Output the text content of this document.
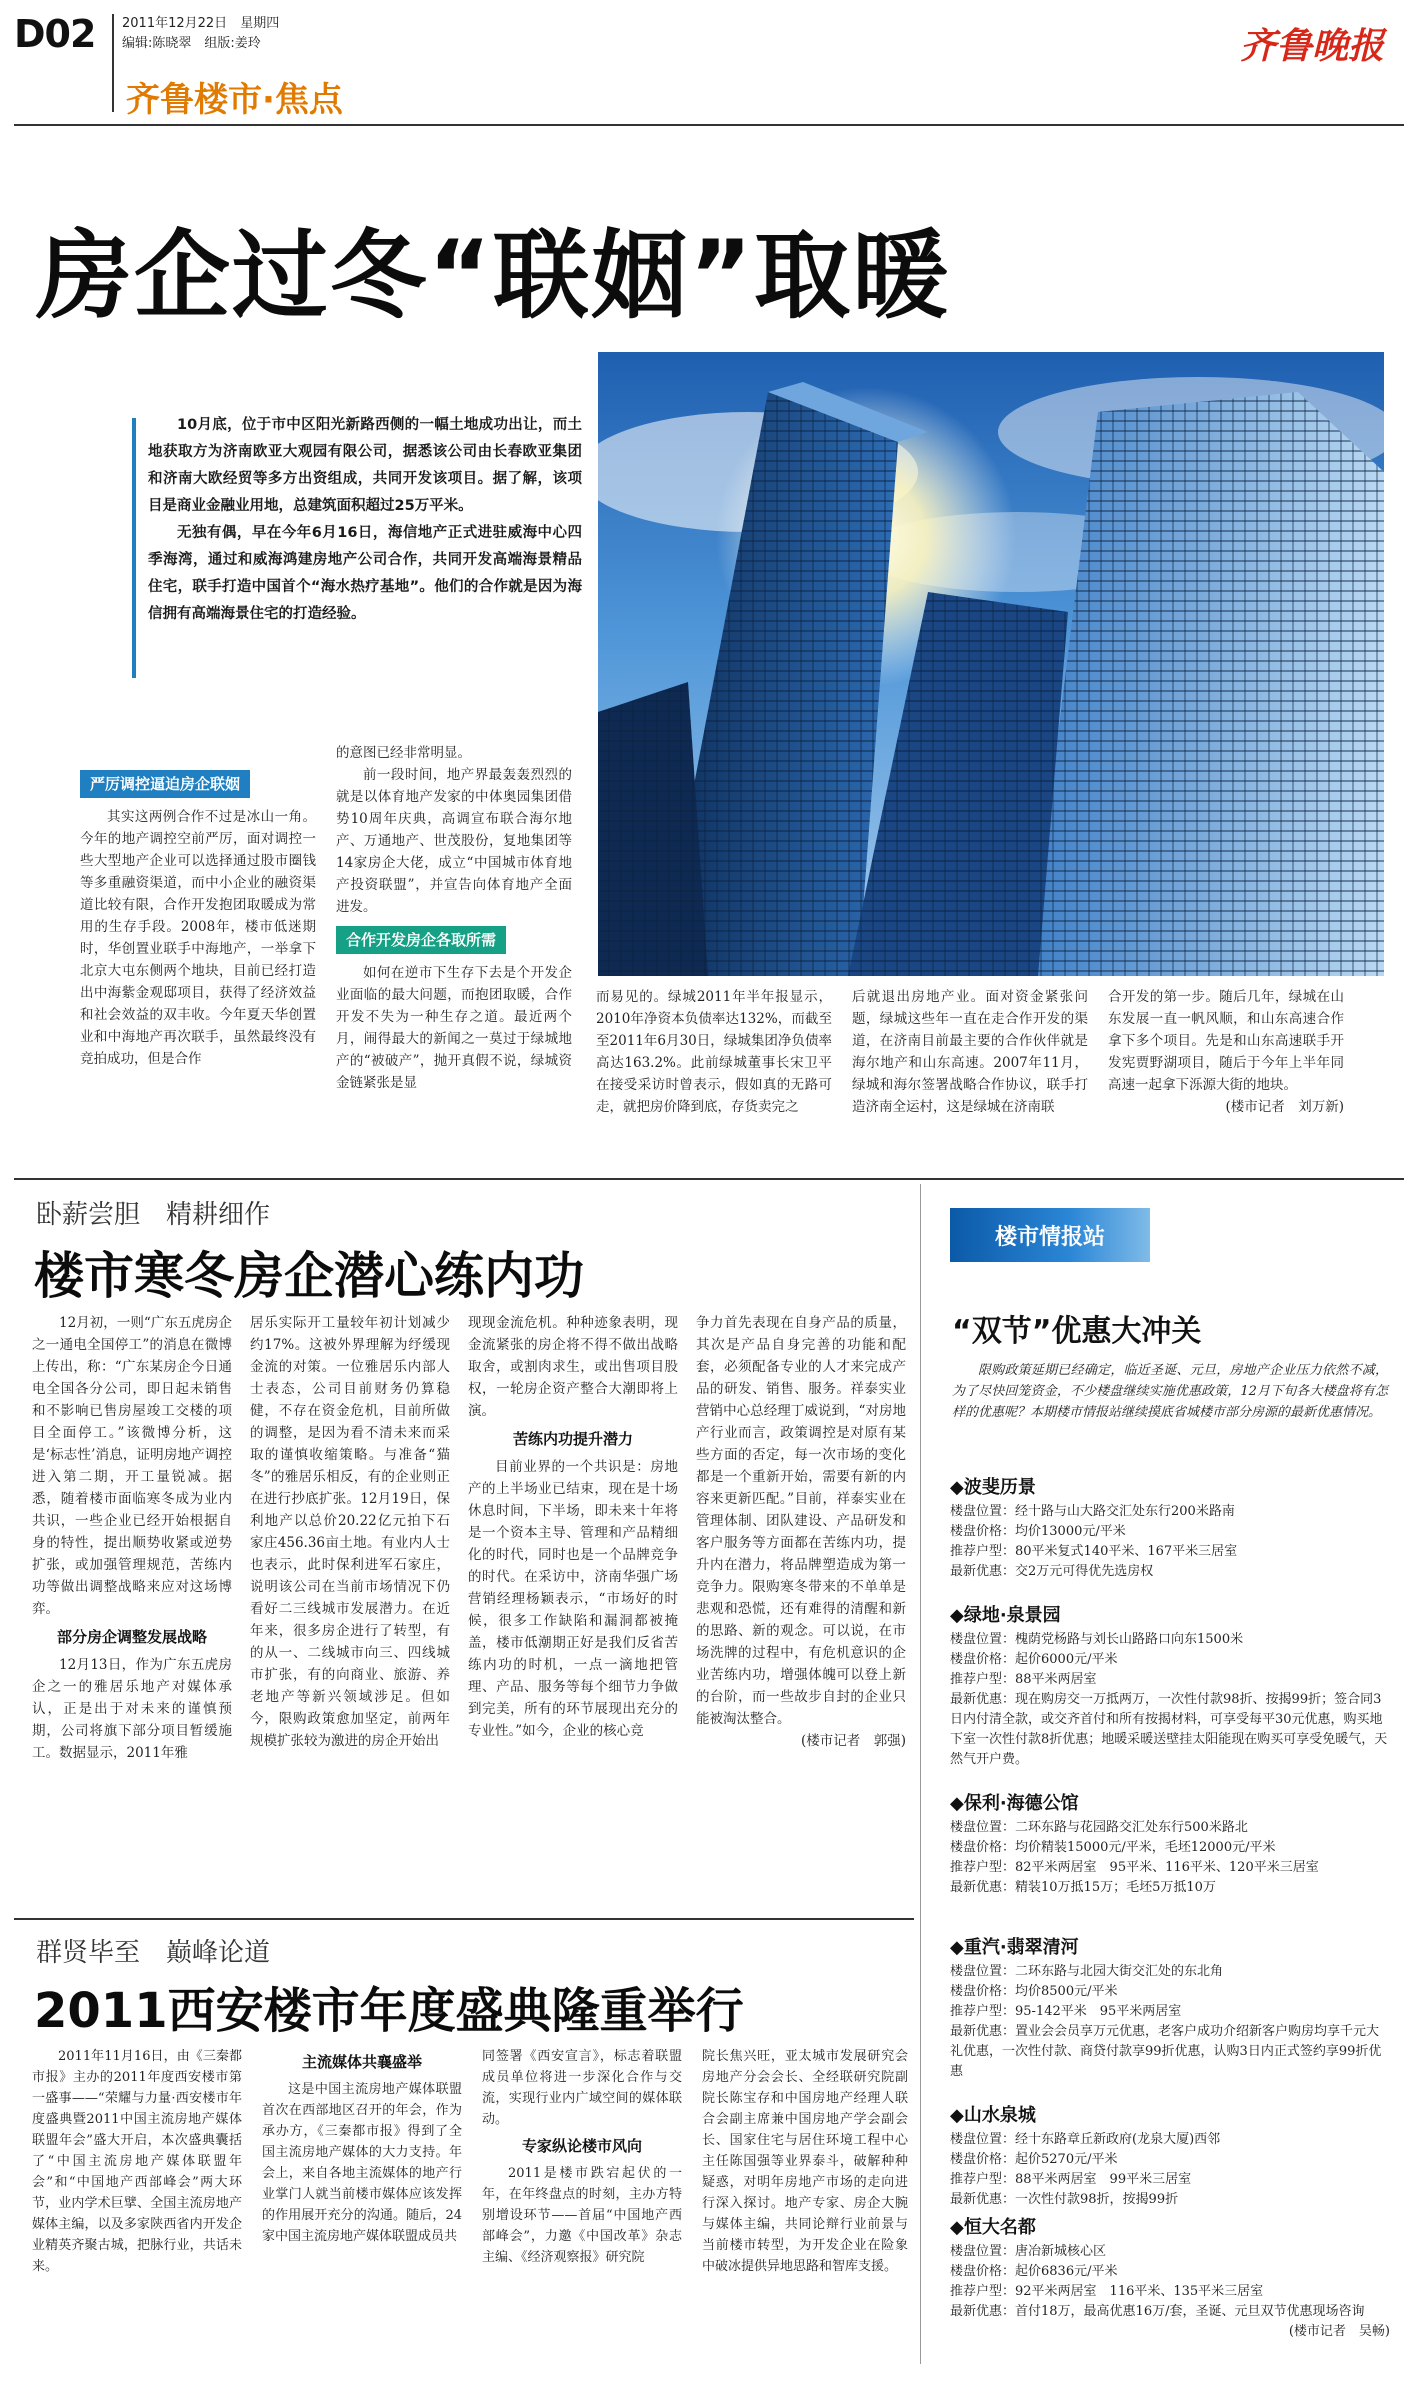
D02 2011年12月22日　 星期四
编辑:陈晓翠　 组版:姜玲
齐鲁楼市·焦点
齐鲁晚报
房企过冬“联姻”取暖

10月底，位于市中区阳光新路西侧的一幅土地成功出让，而土地获取方为济南欧亚大观园有限公司，据悉该公司由长春欧亚集团和济南大欧经贸等多方出资组成，共同开发该项目。据了解，该项目是商业金融业用地，总建筑面积超过25万平米。

无独有偶，早在今年6月16日，海信地产正式进驻威海中心四季海湾，通过和威海鸿建房地产公司合作，共同开发高端海景精品住宅，联手打造中国首个“海水热疗基地”。他们的合作就是因为海信拥有高端海景住宅的打造经验。

严厉调控逼迫房企联姻

其实这两例合作不过是冰山一角。今年的地产调控空前严厉，面对调控一些大型地产企业可以选择通过股市圈钱等多重融资渠道，而中小企业的融资渠道比较有限，合作开发抱团取暖成为常用的生存手段。2008年，楼市低迷期时，华创置业联手中海地产，一举拿下北京大屯东侧两个地块，目前已经打造出中海紫金观邸项目，获得了经济效益和社会效益的双丰收。今年夏天华创置业和中海地产再次联手，虽然最终没有竞拍成功，但是合作

的意图已经非常明显。

前一段时间，地产界最轰轰烈烈的就是以体育地产发家的中体奥园集团借势10周年庆典，高调宣布联合海尔地产、万通地产、世茂股份，复地集团等14家房企大佬，成立“中国城市体育地产投资联盟”，并宣告向体育地产全面进发。

合作开发房企各取所需

如何在逆市下生存下去是个开发企业面临的最大问题，而抱团取暖，合作开发不失为一种生存之道。最近两个月，闹得最大的新闻之一莫过于绿城地产的“被破产”，抛开真假不说，绿城资金链紧张是显

而易见的。绿城2011年半年报显示，2010年净资本负债率达132%，而截至至2011年6月30日，绿城集团净负债率高达163.2%。此前绿城董事长宋卫平在接受采访时曾表示，假如真的无路可走，就把房价降到底，存货卖完之

后就退出房地产业。面对资金紧张问题，绿城这些年一直在走合作开发的渠道，在济南目前最主要的合作伙伴就是海尔地产和山东高速。2007年11月，绿城和海尔签署战略合作协议，联手打造济南全运村，这是绿城在济南联

合开发的第一步。随后几年，绿城在山东发展一直一帆风顺，和山东高速合作拿下多个项目。先是和山东高速联手开发宪贾野湖项目，随后于今年上半年同高速一起拿下泺源大街的地块。

(楼市记者　刘万新)

卧薪尝胆　精耕细作
楼市寒冬房企潜心练内功

12月初，一则“广东五虎房企之一通电全国停工”的消息在微博上传出，称：“广东某房企今日通电全国各分公司，即日起未销售和不影响已售房屋竣工交楼的项目全面停工。”该微博分析，这是‘标志性’消息，证明房地产调控进入第二期，开工量锐减。据悉，随着楼市面临寒冬成为业内共识，一些企业已经开始根据自身的特性，提出顺势收紧或逆势扩张，或加强管理规范，苦练内功等做出调整战略来应对这场博弈。

部分房企调整发展战略

12月13日，作为广东五虎房企之一的雅居乐地产对媒体承认，正是出于对未来的谨慎预期，公司将旗下部分项目暂缓施工。数据显示，2011年雅

居乐实际开工量较年初计划减少约17%。这被外界理解为纾缓现金流的对策。一位雅居乐内部人士表态，公司目前财务仍算稳健，不存在资金危机，目前所做的调整，是因为看不清未来而采取的谨慎收缩策略。与准备“猫冬”的雅居乐相反，有的企业则正在进行抄底扩张。12月19日，保利地产以总价20.22亿元拍下石家庄456.36亩土地。有业内人士也表示，此时保利进军石家庄，说明该公司在当前市场情况下仍看好二三线城市发展潜力。在近年来，很多房企进行了转型，有的从一、二线城市向三、四线城市扩张，有的向商业、旅游、养老地产等新兴领域涉足。但如今，限购政策愈加坚定，前两年规模扩张较为激进的房企开始出

现现金流危机。种种迹象表明，现金流紧张的房企将不得不做出战略取舍，或割肉求生，或出售项目股权，一轮房企资产整合大潮即将上演。

苦练内功提升潜力

目前业界的一个共识是：房地产的上半场业已结束，现在是十场休息时间，下半场，即未来十年将是一个资本主导、管理和产品精细化的时代，同时也是一个品牌竞争的时代。在采访中，济南华强广场营销经理杨颖表示，“市场好的时候，很多工作缺陷和漏洞都被掩盖，楼市低潮期正好是我们反省苦练内功的时机，一点一滴地把管理、产品、服务等每个细节力争做到完美，所有的环节展现出充分的专业性。”如今，企业的核心竞

争力首先表现在自身产品的质量，其次是产品自身完善的功能和配套，必须配备专业的人才来完成产品的研发、销售、服务。祥泰实业营销中心总经理丁威说到，“对房地产行业而言，政策调控是对原有某些方面的否定，每一次市场的变化都是一个重新开始，需要有新的内容来更新匹配。”目前，祥泰实业在管理体制、团队建设、产品研发和客户服务等方面都在苦练内功，提升内在潜力，将品牌塑造成为第一竞争力。限购寒冬带来的不单单是悲观和恐慌，还有难得的清醒和新的思路、新的观念。可以说，在市场洗牌的过程中，有危机意识的企业苦练内功，增强体魄可以登上新的台阶，而一些故步自封的企业只能被淘汰整合。

(楼市记者　郭强)

群贤毕至　巅峰论道
2011西安楼市年度盛典隆重举行

2011年11月16日，由《三秦都市报》主办的2011年度西安楼市第一盛事——“荣耀与力量·西安楼市年度盛典暨2011中国主流房地产媒体联盟年会”盛大开启，本次盛典囊括了“中国主流房地产媒体联盟年会”和“中国地产西部峰会”两大环节，业内学术巨擘、全国主流房地产媒体主编，以及多家陕西省内开发企业精英齐聚古城，把脉行业，共话未来。

主流媒体共襄盛举

这是中国主流房地产媒体联盟首次在西部地区召开的年会，作为承办方，《三秦都市报》得到了全国主流房地产媒体的大力支持。年会上，来自各地主流媒体的地产行业掌门人就当前楼市媒体应该发挥的作用展开充分的沟通。随后，24家中国主流房地产媒体联盟成员共

同签署《西安宣言》，标志着联盟成员单位将进一步深化合作与交流，实现行业内广域空间的媒体联动。

专家纵论楼市风向

2011是楼市跌宕起伏的一年，在年终盘点的时刻，主办方特别增设环节——首届“中国地产西部峰会”，力邀《中国改革》杂志主编、《经济观察报》研究院

院长焦兴旺，亚太城市发展研究会房地产分会会长、全经联研究院副院长陈宝存和中国房地产经理人联合会副主席兼中国房地产学会副会长、国家住宅与居住环境工程中心主任陈国强等业界泰斗，破解种种疑惑，对明年房地产市场的走向进行深入探讨。地产专家、房企大腕与媒体主编，共同论辩行业前景与当前楼市转型，为开发企业在险象中破冰提供异地思路和智库支援。

楼市情报站
“双节”优惠大冲关
限购政策延期已经确定，临近圣诞、元旦，房地产企业压力依然不减，为了尽快回笼资金，不少楼盘继续实施优惠政策，12月下旬各大楼盘将有怎样的优惠呢？本期楼市情报站继续摸底省城楼市部分房源的最新优惠情况。
◆波斐历景
楼盘位置：经十路与山大路交汇处东行200米路南
楼盘价格：均价13000元/平米
推荐户型：80平米复式140平米、167平米三居室
最新优惠：交2万元可得优先选房权
◆绿地·泉景园
楼盘位置：槐荫党杨路与刘长山路路口向东1500米
楼盘价格：起价6000元/平米
推荐户型：88平米两居室
最新优惠：现在购房交一万抵两万，一次性付款98折、按揭99折；签合同3日内付清全款，或交齐首付和所有按揭材料，可享受每平30元优惠，购买地下室一次性付款8折优惠；地暖采暖送壁挂太阳能现在购买可享受免暖气，天然气开户费。
◆保利·海德公馆
楼盘位置：二环东路与花园路交汇处东行500米路北
楼盘价格：均价精装15000元/平米，毛坯12000元/平米
推荐户型：82平米两居室　95平米、116平米、120平米三居室
最新优惠：精装10万抵15万；毛坯5万抵10万
◆重汽·翡翠清河
楼盘位置：二环东路与北园大街交汇处的东北角
楼盘价格：均价8500元/平米
推荐户型：95-142平米　95平米两居室
最新优惠：置业会会员享万元优惠，老客户成功介绍新客户购房均享千元大礼优惠，一次性付款、商贷付款享99折优惠，认购3日内正式签约享99折优惠
◆山水泉城
楼盘位置：经十东路章丘新政府(龙泉大厦)西邻
楼盘价格：起价5270元/平米
推荐户型：88平米两居室　99平米三居室
最新优惠：一次性付款98折，按揭99折
◆恒大名都
楼盘位置：唐冶新城核心区
楼盘价格：起价6836元/平米
推荐户型：92平米两居室　116平米、135平米三居室
最新优惠：首付18万，最高优惠16万/套，圣诞、元旦双节优惠现场咨询
(楼市记者　吴畅)
